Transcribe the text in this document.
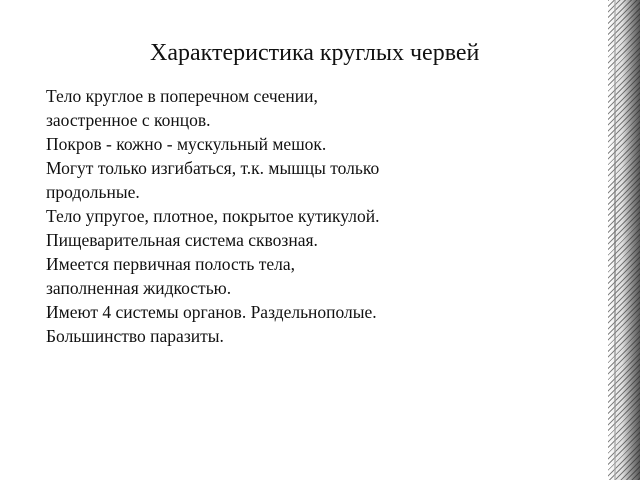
Характеристика круглых червей
Тело круглое в поперечном сечении, заостренное с концов.
Покров - кожно - мускульный мешок.
Могут только изгибаться, т.к. мышцы только продольные.
Тело упругое, плотное, покрытое кутикулой.
Пищеварительная система сквозная.
Имеется первичная полость тела, заполненная жидкостью.
Имеют 4 системы органов. Раздельнополые.
Большинство паразиты.
